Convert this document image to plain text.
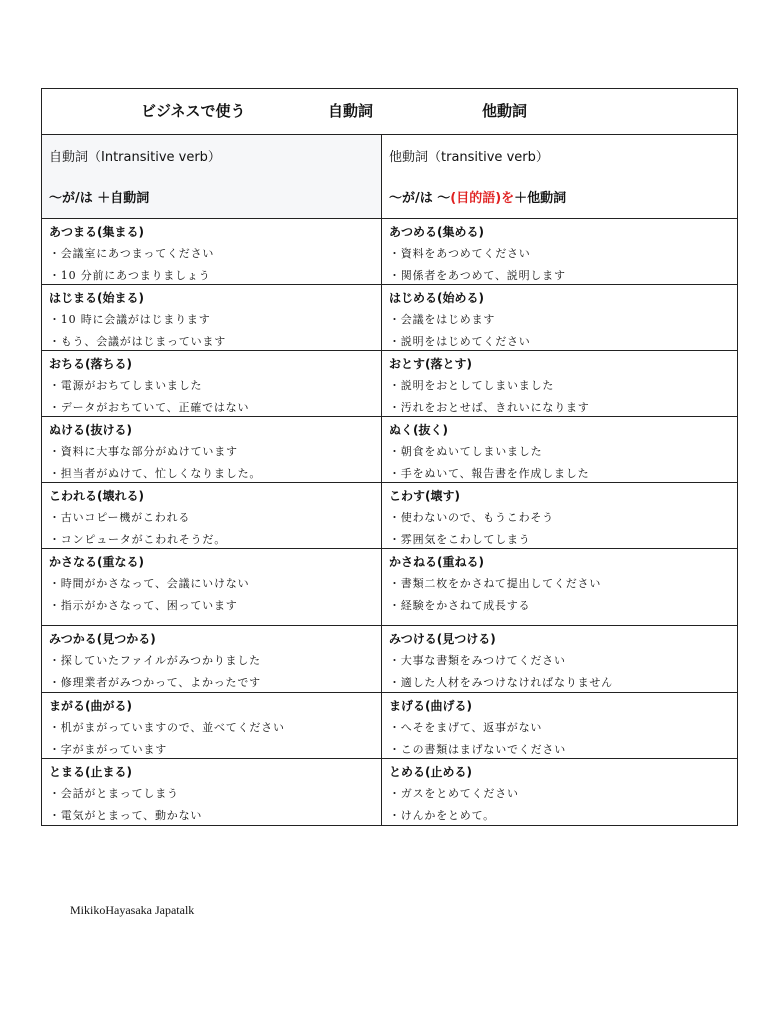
ビジネスで使う	自動詞	他動詞
自動詞（Intransitive verb）
〜が/は ＋自動詞
他動詞（transitive verb）
〜が/は 〜(目的語)を＋他動詞
あつまる(集まる)
・会議室にあつまってください
・10 分前にあつまりましょう
あつめる(集める)
・資料をあつめてください
・関係者をあつめて、説明します
はじまる(始まる)
・10 時に会議がはじまります
・もう、会議がはじまっています
はじめる(始める)
・会議をはじめます
・説明をはじめてください
おちる(落ちる)
・電源がおちてしまいました
・データがおちていて、正確ではない
おとす(落とす)
・説明をおとしてしまいました
・汚れをおとせば、きれいになります
ぬける(抜ける)
・資料に大事な部分がぬけています
・担当者がぬけて、忙しくなりました。
ぬく(抜く)
・朝食をぬいてしまいました
・手をぬいて、報告書を作成しました
こわれる(壊れる)
・古いコピー機がこわれる
・コンピュータがこわれそうだ。
こわす(壊す)
・使わないので、もうこわそう
・雰囲気をこわしてしまう
かさなる(重なる)
・時間がかさなって、会議にいけない
・指示がかさなって、困っています
かさねる(重ねる)
・書類二枚をかさねて提出してください
・経験をかさねて成長する
みつかる(見つかる)
・探していたファイルがみつかりました
・修理業者がみつかって、よかったです
みつける(見つける)
・大事な書類をみつけてください
・適した人材をみつけなければなりません
まがる(曲がる)
・机がまがっていますので、並べてください
・字がまがっています
まげる(曲げる)
・へそをまげて、返事がない
・この書類はまげないでください
とまる(止まる)
・会話がとまってしまう
・電気がとまって、動かない
とめる(止める)
・ガスをとめてください
・けんかをとめて。
MikikoHayasaka Japatalk
